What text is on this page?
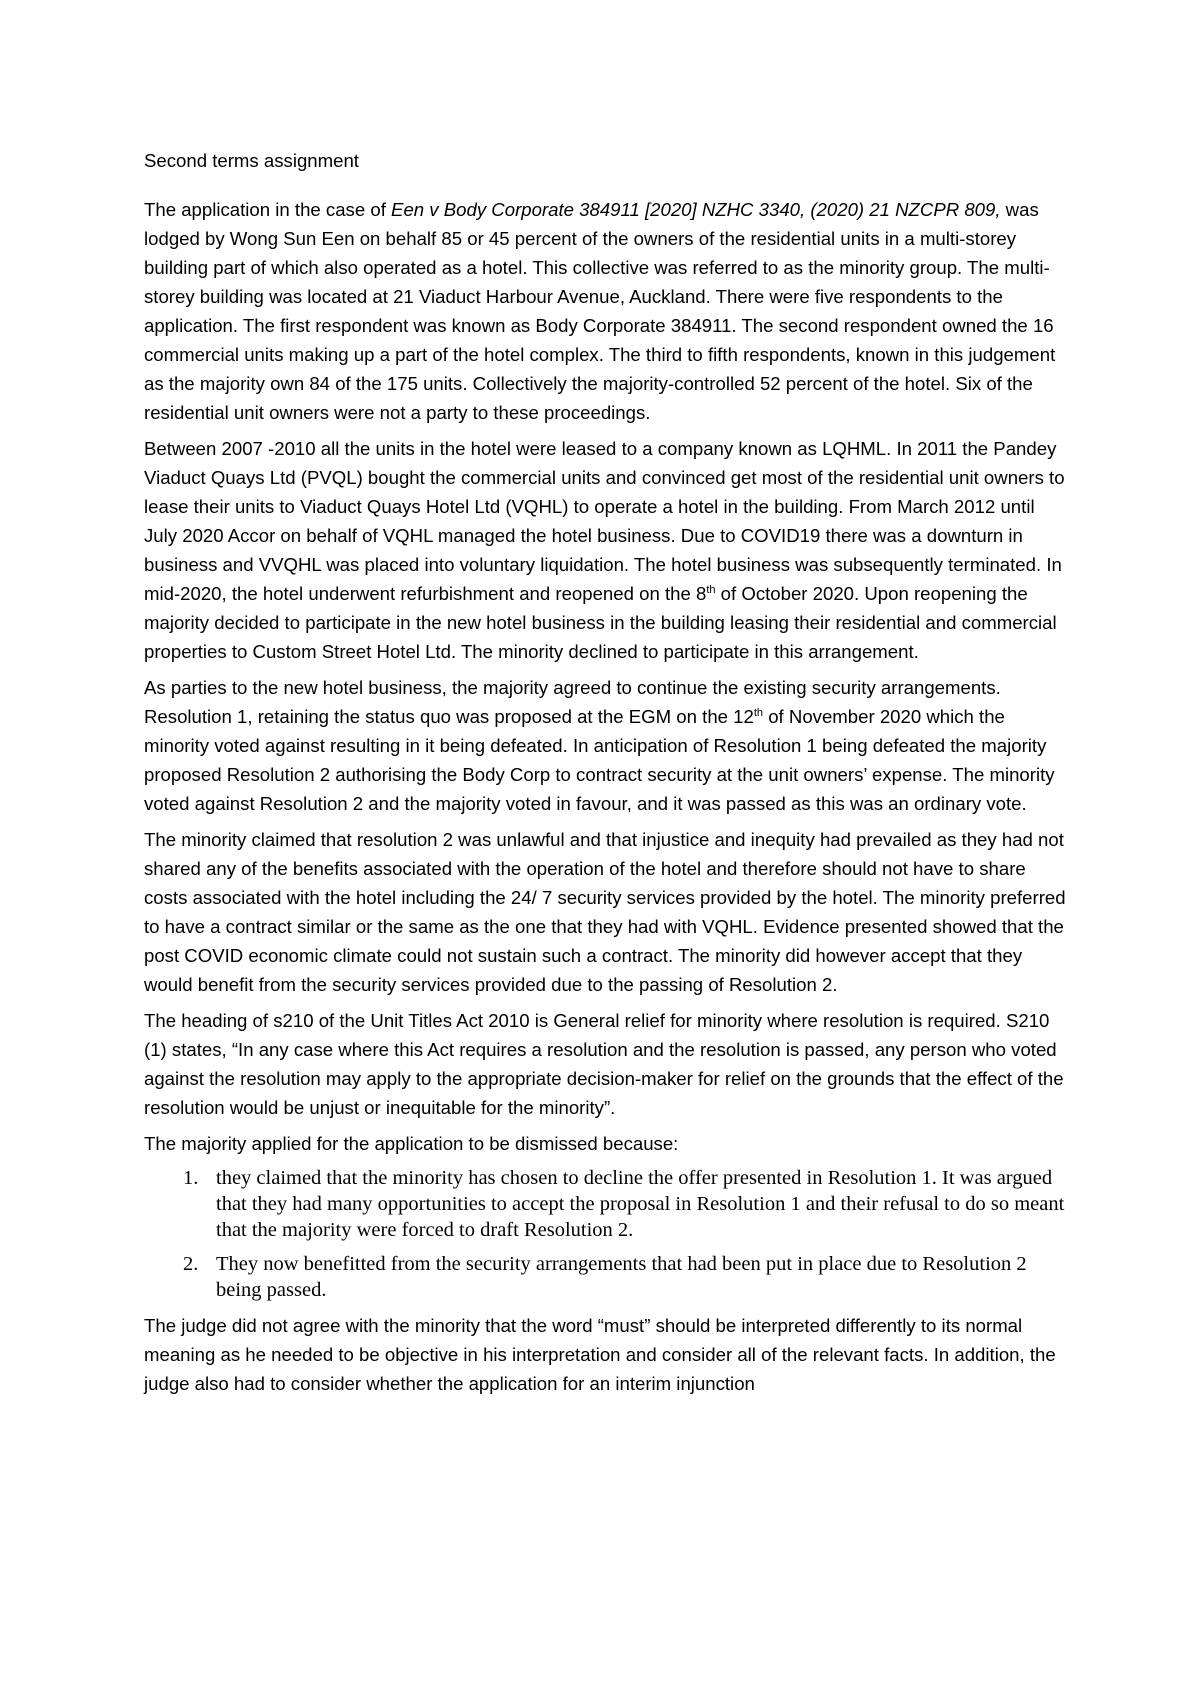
Second terms assignment

The application in the case of Een v Body Corporate 384911 [2020] NZHC 3340, (2020) 21 NZCPR 809, was lodged by Wong Sun Een on behalf 85 or 45 percent of the owners of the residential units in a multi-storey building part of which also operated as a hotel. This collective was referred to as the minority group. The multi-storey building was located at 21 Viaduct Harbour Avenue, Auckland. There were five respondents to the application. The first respondent was known as Body Corporate 384911. The second respondent owned the 16 commercial units making up a part of the hotel complex. The third to fifth respondents, known in this judgement as the majority own 84 of the 175 units. Collectively the majority-controlled 52 percent of the hotel. Six of the residential unit owners were not a party to these proceedings.

Between 2007 -2010 all the units in the hotel were leased to a company known as LQHML. In 2011 the Pandey Viaduct Quays Ltd (PVQL) bought the commercial units and convinced get most of the residential unit owners to lease their units to Viaduct Quays Hotel Ltd (VQHL) to operate a hotel in the building. From March 2012 until July 2020 Accor on behalf of VQHL managed the hotel business. Due to COVID19 there was a downturn in business and VVQHL was placed into voluntary liquidation. The hotel business was subsequently terminated. In mid-2020, the hotel underwent refurbishment and reopened on the 8th of October 2020. Upon reopening the majority decided to participate in the new hotel business in the building leasing their residential and commercial properties to Custom Street Hotel Ltd. The minority declined to participate in this arrangement.

As parties to the new hotel business, the majority agreed to continue the existing security arrangements. Resolution 1, retaining the status quo was proposed at the EGM on the 12th of November 2020 which the minority voted against resulting in it being defeated. In anticipation of Resolution 1 being defeated the majority proposed Resolution 2 authorising the Body Corp to contract security at the unit owners’ expense. The minority voted against Resolution 2 and the majority voted in favour, and it was passed as this was an ordinary vote.

The minority claimed that resolution 2 was unlawful and that injustice and inequity had prevailed as they had not shared any of the benefits associated with the operation of the hotel and therefore should not have to share costs associated with the hotel including the 24/ 7 security services provided by the hotel. The minority preferred to have a contract similar or the same as the one that they had with VQHL. Evidence presented showed that the post COVID economic climate could not sustain such a contract. The minority did however accept that they would benefit from the security services provided due to the passing of Resolution 2.

The heading of s210 of the Unit Titles Act 2010 is General relief for minority where resolution is required. S210 (1) states, “In any case where this Act requires a resolution and the resolution is passed, any person who voted against the resolution may apply to the appropriate decision-maker for relief on the grounds that the effect of the resolution would be unjust or inequitable for the minority”.

The majority applied for the application to be dismissed because:

1. they claimed that the minority has chosen to decline the offer presented in Resolution 1. It was argued that they had many opportunities to accept the proposal in Resolution 1 and their refusal to do so meant that the majority were forced to draft Resolution 2.
2. They now benefitted from the security arrangements that had been put in place due to Resolution 2 being passed.

The judge did not agree with the minority that the word “must” should be interpreted differently to its normal meaning as he needed to be objective in his interpretation and consider all of the relevant facts. In addition, the judge also had to consider whether the application for an interim injunction
